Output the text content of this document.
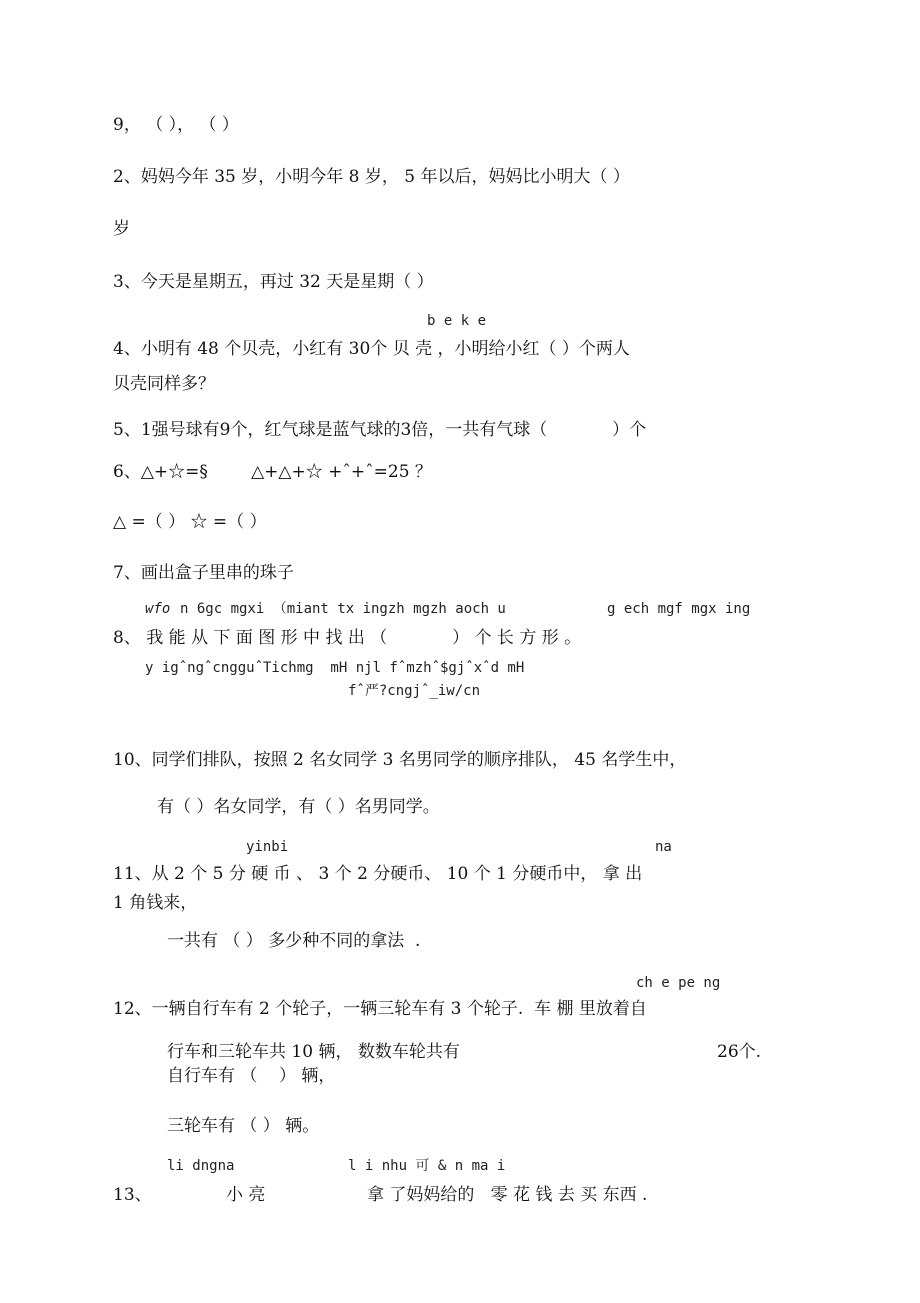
9， （ ）， （ ）
2、妈妈今年 35 岁，小明今年 8 岁， 5 年以后，妈妈比小明大（ ）
岁
3、今天是星期五，再过 32 天是星期（ ）
b e k e
4、小明有 48 个贝壳，小红有 30个 贝 壳 ，小明给小红（ ）个两人
贝壳同样多？
5、1强号球有9个，红气球是蓝气球的3倍，一共有气球（            ）个
6、△+☆=§        △+△+☆ +ˆ+ˆ=25 ？
△ =（ ） ☆ =（ ）
7、画出盒子里串的珠子
wfo n 6gc mgxi （miant tx ingzh mgzh aoch u	g ech mgf mgx ing
8、 我 能 从 下 面 图 形 中 找 出 （            ） 个 长 方 形 。
y igˆngˆcngguˆTichmg  mH njl fˆmzhˆ$gjˆxˆd mH
fˆ严?cngjˆ_iw/cn
10、同学们排队，按照 2 名女同学 3 名男同学的顺序排队， 45 名学生中，
有（ ）名女同学，有（ ）名男同学。
yinbi	na
11、从 2 个 5 分 硬 币 、 3 个 2 分硬币、 10 个 1 分硬币中， 拿 出
1 角钱来，
一共有 （ ） 多少种不同的拿法  .
ch e pe ng
12、一辆自行车有 2 个轮子，一辆三轮车有 3 个轮子.  车 棚 里放着自
行车和三轮车共 10 辆， 数数车轮共有	26个.
自行车有 （    ） 辆，
三轮车有 （ ） 辆。
li dngna	l i nhu 可 & n ma i
13、	小 亮	拿 了妈妈给的   零 花 钱 去 买 东西 .
